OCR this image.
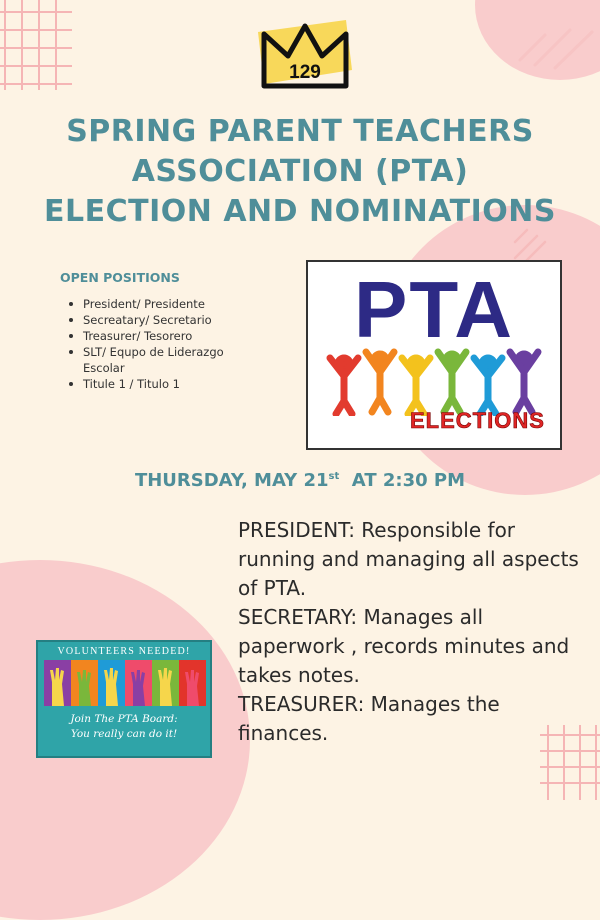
129
SPRING PARENT TEACHERS
ASSOCIATION (PTA)
ELECTION AND NOMINATIONS
OPEN POSITIONS
President/ Presidente
Secreatary/ Secretario
Treasurer/ Tesorero
SLT/ Equpo de Liderazgo Escolar
Titule 1 / Titulo 1
PTA
ELECTIONS
THURSDAY, MAY 21st AT 2:30 PM

PRESIDENT: Responsible for running and managing all aspects of PTA.

SECRETARY: Manages all paperwork , records minutes and takes notes.

TREASURER: Manages the finances.

VOLUNTEERS NEEDED!
Join The PTA Board:
You really can do it!
